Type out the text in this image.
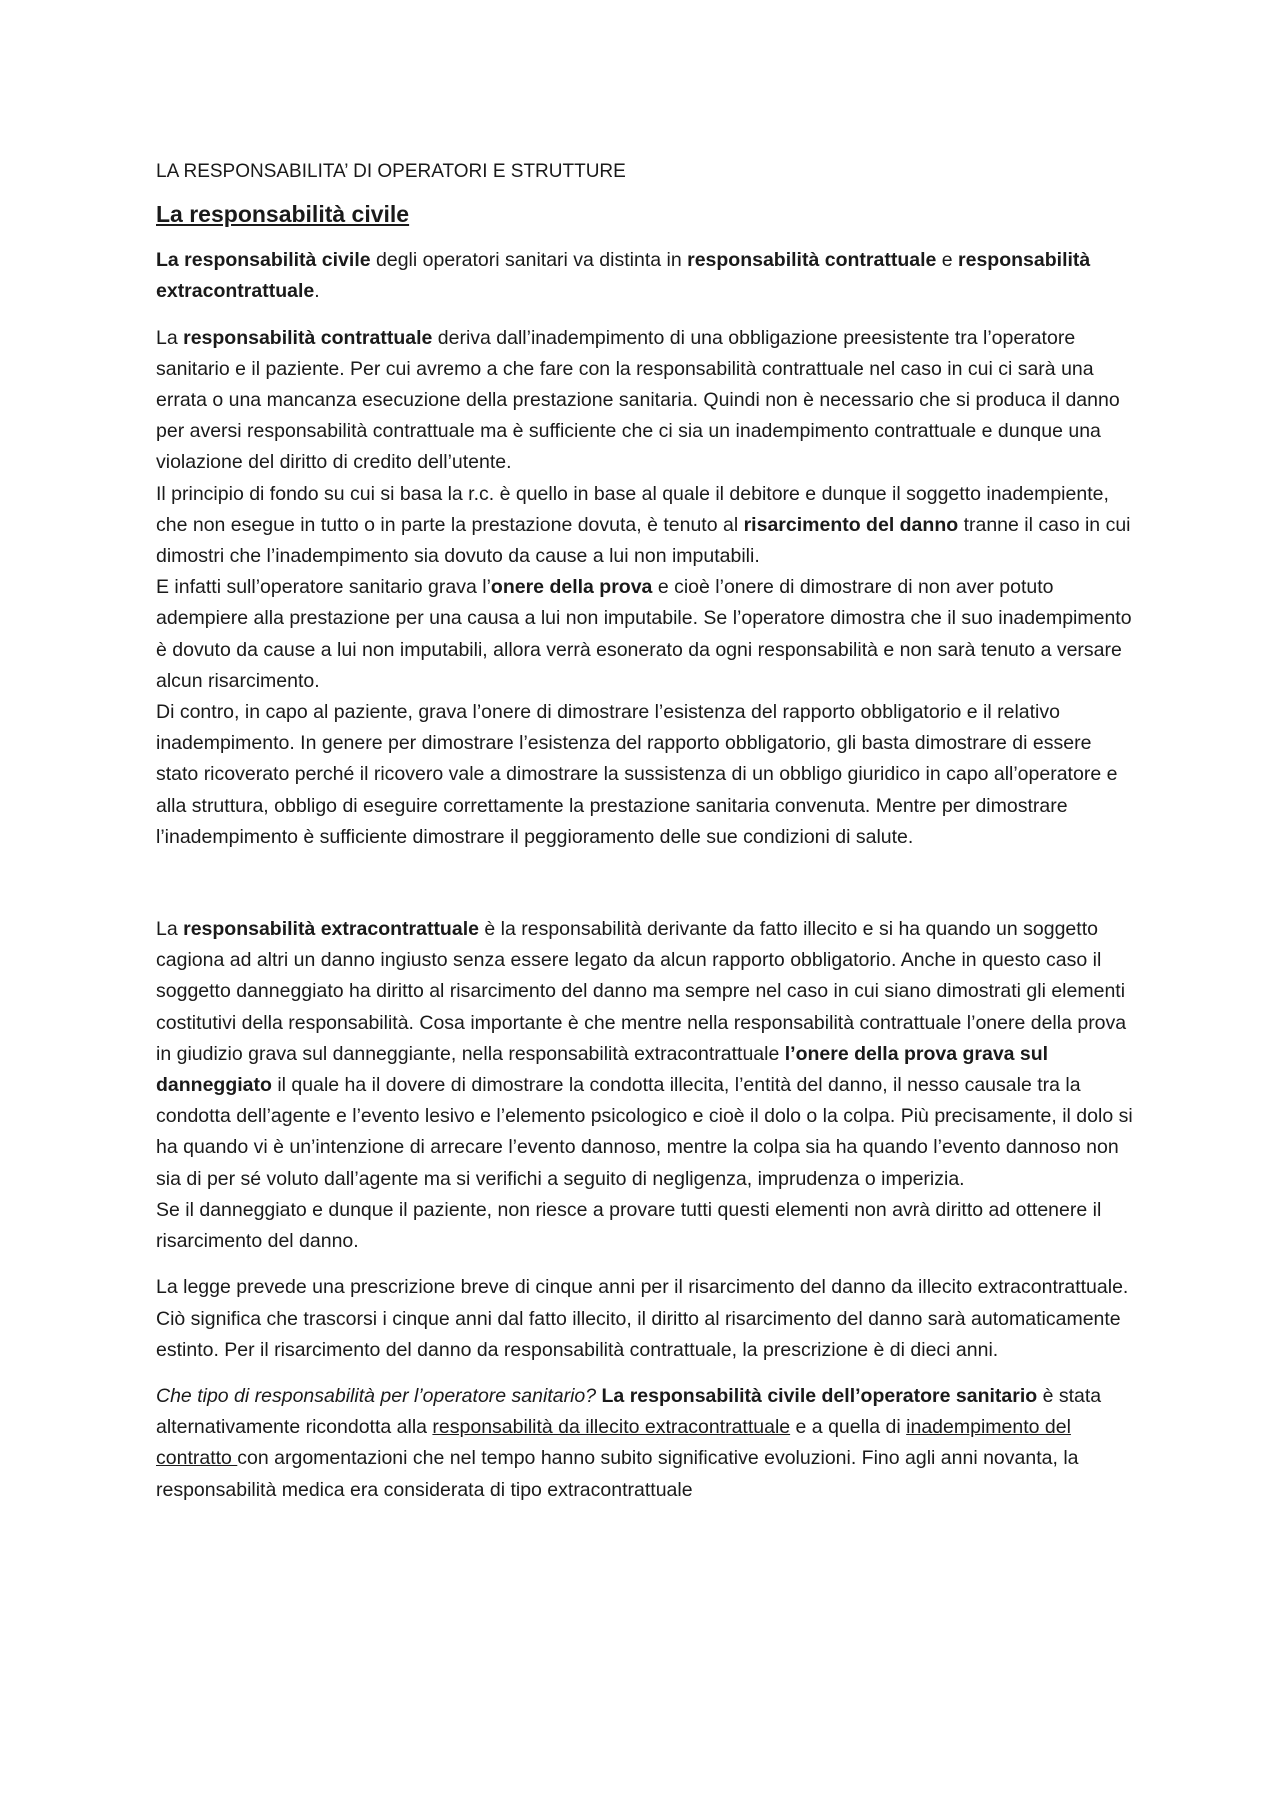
LA RESPONSABILITA’ DI OPERATORI E STRUTTURE
La responsabilità civile

La responsabilità civile degli operatori sanitari va distinta in responsabilità contrattuale e responsabilità extracontrattuale.

La responsabilità contrattuale deriva dall’inadempimento di una obbligazione preesistente tra l’operatore sanitario e il paziente. Per cui avremo a che fare con la responsabilità contrattuale nel caso in cui ci sarà una errata o una mancanza esecuzione della prestazione sanitaria. Quindi non è necessario che si produca il danno per aversi responsabilità contrattuale ma è sufficiente che ci sia un inadempimento contrattuale e dunque una violazione del diritto di credito dell’utente.

Il principio di fondo su cui si basa la r.c. è quello in base al quale il debitore e dunque il soggetto inadempiente, che non esegue in tutto o in parte la prestazione dovuta, è tenuto al risarcimento del danno tranne il caso in cui dimostri che l’inadempimento sia dovuto da cause a lui non imputabili.

E infatti sull’operatore sanitario grava l’onere della prova e cioè l’onere di dimostrare di non aver potuto adempiere alla prestazione per una causa a lui non imputabile. Se l’operatore dimostra che il suo inadempimento è dovuto da cause a lui non imputabili, allora verrà esonerato da ogni responsabilità e non sarà tenuto a versare alcun risarcimento.

Di contro, in capo al paziente, grava l’onere di dimostrare l’esistenza del rapporto obbligatorio e il relativo inadempimento. In genere per dimostrare l’esistenza del rapporto obbligatorio, gli basta dimostrare di essere stato ricoverato perché il ricovero vale a dimostrare la sussistenza di un obbligo giuridico in capo all’operatore e alla struttura, obbligo di eseguire correttamente la prestazione sanitaria convenuta. Mentre per dimostrare l’inadempimento è sufficiente dimostrare il peggioramento delle sue condizioni di salute.

La responsabilità extracontrattuale è la responsabilità derivante da fatto illecito e si ha quando un soggetto cagiona ad altri un danno ingiusto senza essere legato da alcun rapporto obbligatorio. Anche in questo caso il soggetto danneggiato ha diritto al risarcimento del danno ma sempre nel caso in cui siano dimostrati gli elementi costitutivi della responsabilità. Cosa importante è che mentre nella responsabilità contrattuale l’onere della prova in giudizio grava sul danneggiante, nella responsabilità extracontrattuale l’onere della prova grava sul danneggiato il quale ha il dovere di dimostrare la condotta illecita, l’entità del danno, il nesso causale tra la condotta dell’agente e l’evento lesivo e l’elemento psicologico e cioè il dolo o la colpa. Più precisamente, il dolo si ha quando vi è un’intenzione di arrecare l’evento dannoso, mentre la colpa sia ha quando l’evento dannoso non sia di per sé voluto dall’agente ma si verifichi a seguito di negligenza, imprudenza o imperizia.

Se il danneggiato e dunque il paziente, non riesce a provare tutti questi elementi non avrà diritto ad ottenere il risarcimento del danno.

La legge prevede una prescrizione breve di cinque anni per il risarcimento del danno da illecito extracontrattuale. Ciò significa che trascorsi i cinque anni dal fatto illecito, il diritto al risarcimento del danno sarà automaticamente estinto. Per il risarcimento del danno da responsabilità contrattuale, la prescrizione è di dieci anni.

Che tipo di responsabilità per l’operatore sanitario? La responsabilità civile dell’operatore sanitario è stata alternativamente ricondotta alla responsabilità da illecito extracontrattuale e a quella di inadempimento del contratto con argomentazioni che nel tempo hanno subito significative evoluzioni. Fino agli anni novanta, la responsabilità medica era considerata di tipo extracontrattuale
